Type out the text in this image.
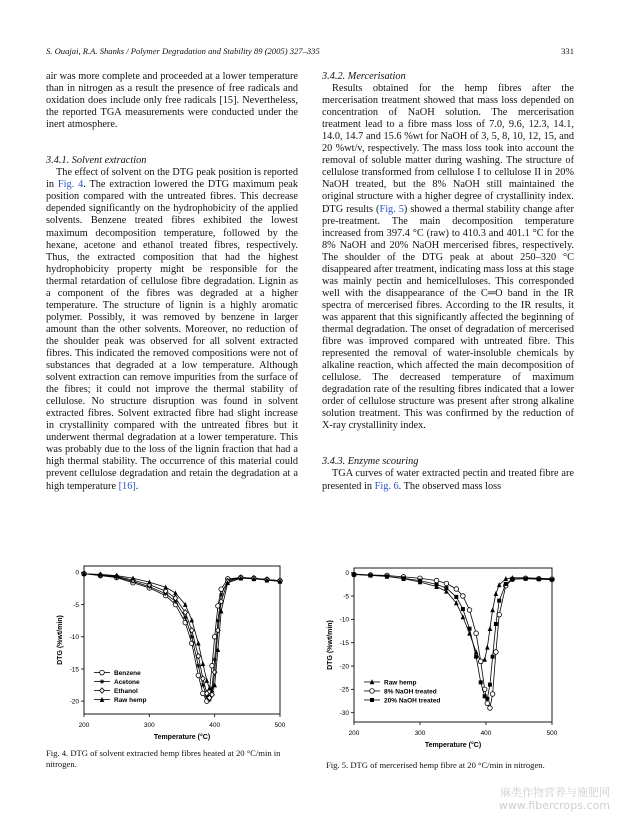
S. Ouajai, R.A. Shanks / Polymer Degradation and Stability 89 (2005) 327–335	331

air was more complete and proceeded at a lower temperature than in nitrogen as a result the presence of free radicals and oxidation does include only free radicals [15]. Nevertheless, the reported TGA measurements were conducted under the inert atmosphere.

3.4.1. Solvent extraction

The effect of solvent on the DTG peak position is reported in Fig. 4. The extraction lowered the DTG maximum peak position compared with the untreated fibres. This decrease depended significantly on the hydrophobicity of the applied solvents. Benzene treated fibres exhibited the lowest maximum decomposition temperature, followed by the hexane, acetone and ethanol treated fibres, respectively. Thus, the extracted composition that had the highest hydrophobicity property might be responsible for the thermal retardation of cellulose fibre degradation. Lignin as a component of the fibres was degraded at a higher temperature. The structure of lignin is a highly aromatic polymer. Possibly, it was removed by benzene in larger amount than the other solvents. Moreover, no reduction of the shoulder peak was observed for all solvent extracted fibres. This indicated the removed compositions were not of substances that degraded at a low temperature. Although solvent extraction can remove impurities from the surface of the fibres; it could not improve the thermal stability of cellulose. No structure disruption was found in solvent extracted fibres. Solvent extracted fibre had slight increase in crystallinity compared with the untreated fibres but it underwent thermal degradation at a lower temperature. This was probably due to the loss of the lignin fraction that had a high thermal stability. The occurrence of this material could prevent cellulose degradation and retain the degradation at a high temperature [16].

3.4.2. Mercerisation

Results obtained for the hemp fibres after the mercerisation treatment showed that mass loss depended on concentration of NaOH solution. The mercerisation treatment lead to a fibre mass loss of 7.0, 9.6, 12.3, 14.1, 14.0, 14.7 and 15.6 %wt for NaOH of 3, 5, 8, 10, 12, 15, and 20 %wt/v, respectively. The mass loss took into account the removal of soluble matter during washing. The structure of cellulose transformed from cellulose I to cellulose II in 20% NaOH treated, but the 8% NaOH still maintained the original structure with a higher degree of crystallinity index. DTG results (Fig. 5) showed a thermal stability change after pre-treatment. The main decomposition temperature increased from 397.4 °C (raw) to 410.3 and 401.1 °C for the 8% NaOH and 20% NaOH mercerised fibres, respectively. The shoulder of the DTG peak at about 250–320 °C disappeared after treatment, indicating mass loss at this stage was mainly pectin and hemicelluloses. This corresponded well with the disappearance of the C═O band in the IR spectra of mercerised fibres. According to the IR results, it was apparent that this significantly affected the beginning of thermal degradation. The onset of degradation of mercerised fibre was improved compared with untreated fibre. This represented the removal of water-insoluble chemicals by alkaline reaction, which affected the main decomposition of cellulose. The decreased temperature of maximum degradation rate of the resulting fibres indicated that a lower order of cellulose structure was present after strong alkaline solution treatment. This was confirmed by the reduction of X-ray crystallinity index.

3.4.3. Enzyme scouring

TGA curves of water extracted pectin and treated fibre are presented in Fig. 6. The observed mass loss

200	300	400	500
0
-5
-10
-15
-20
Temperature (°C)
DTG (%wt/min)
Benzene
Acetone
Ethanol
Raw hemp
Fig. 4. DTG of solvent extracted hemp fibres heated at 20 °C/min in nitrogen.
200	300	400	500
0
-5
-10
-15
-20
-25
-30
Temperature (°C)
DTG (%wt/min)
Raw hemp
8% NaOH treated
20% NaOH treated
Fig. 5. DTG of mercerised hemp fibre at 20 °C/min in nitrogen.
麻类作物营养与施肥网
www.fibercrops.com
